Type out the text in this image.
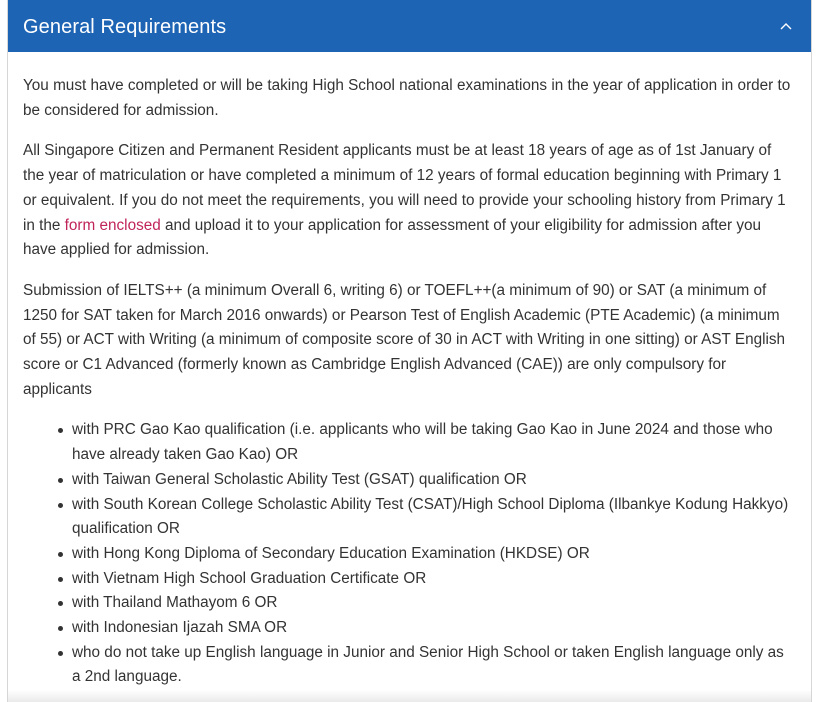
General Requirements

You must have completed or will be taking High School national examinations in the year of application in order to be considered for admission.

All Singapore Citizen and Permanent Resident applicants must be at least 18 years of age as of 1st January of the year of matriculation or have completed a minimum of 12 years of formal education beginning with Primary 1 or equivalent. If you do not meet the requirements, you will need to provide your schooling history from Primary 1 in the form enclosed and upload it to your application for assessment of your eligibility for admission after you have applied for admission.

Submission of IELTS++ (a minimum Overall 6, writing 6) or TOEFL++(a minimum of 90) or SAT (a minimum of 1250 for SAT taken for March 2016 onwards) or Pearson Test of English Academic (PTE Academic) (a minimum of 55) or ACT with Writing (a minimum of composite score of 30 in ACT with Writing in one sitting) or AST English score or C1 Advanced (formerly known as Cambridge English Advanced (CAE)) are only compulsory for applicants

with PRC Gao Kao qualification (i.e. applicants who will be taking Gao Kao in June 2024 and those who have already taken Gao Kao) OR
with Taiwan General Scholastic Ability Test (GSAT) qualification OR
with South Korean College Scholastic Ability Test (CSAT)/High School Diploma (Ilbankye Kodung Hakkyo) qualification OR
with Hong Kong Diploma of Secondary Education Examination (HKDSE) OR
with Vietnam High School Graduation Certificate OR
with Thailand Mathayom 6 OR
with Indonesian Ijazah SMA OR
who do not take up English language in Junior and Senior High School or taken English language only as a 2nd language.
